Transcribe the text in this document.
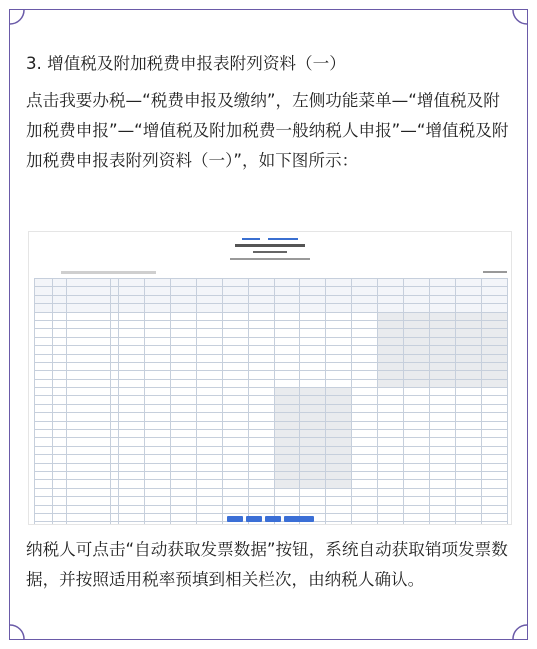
3. 增值税及附加税费申报表附列资料（一）
点击我要办税—“税费申报及缴纳”，左侧功能菜单—“增值税及附加税费申报”—“增值税及附加税费一般纳税人申报”—“增值税及附加税费申报表附列资料（一）”，如下图所示：

纳税人可点击“自动获取发票数据”按钮，系统自动获取销项发票数据，并按照适用税率预填到相关栏次，由纳税人确认。
